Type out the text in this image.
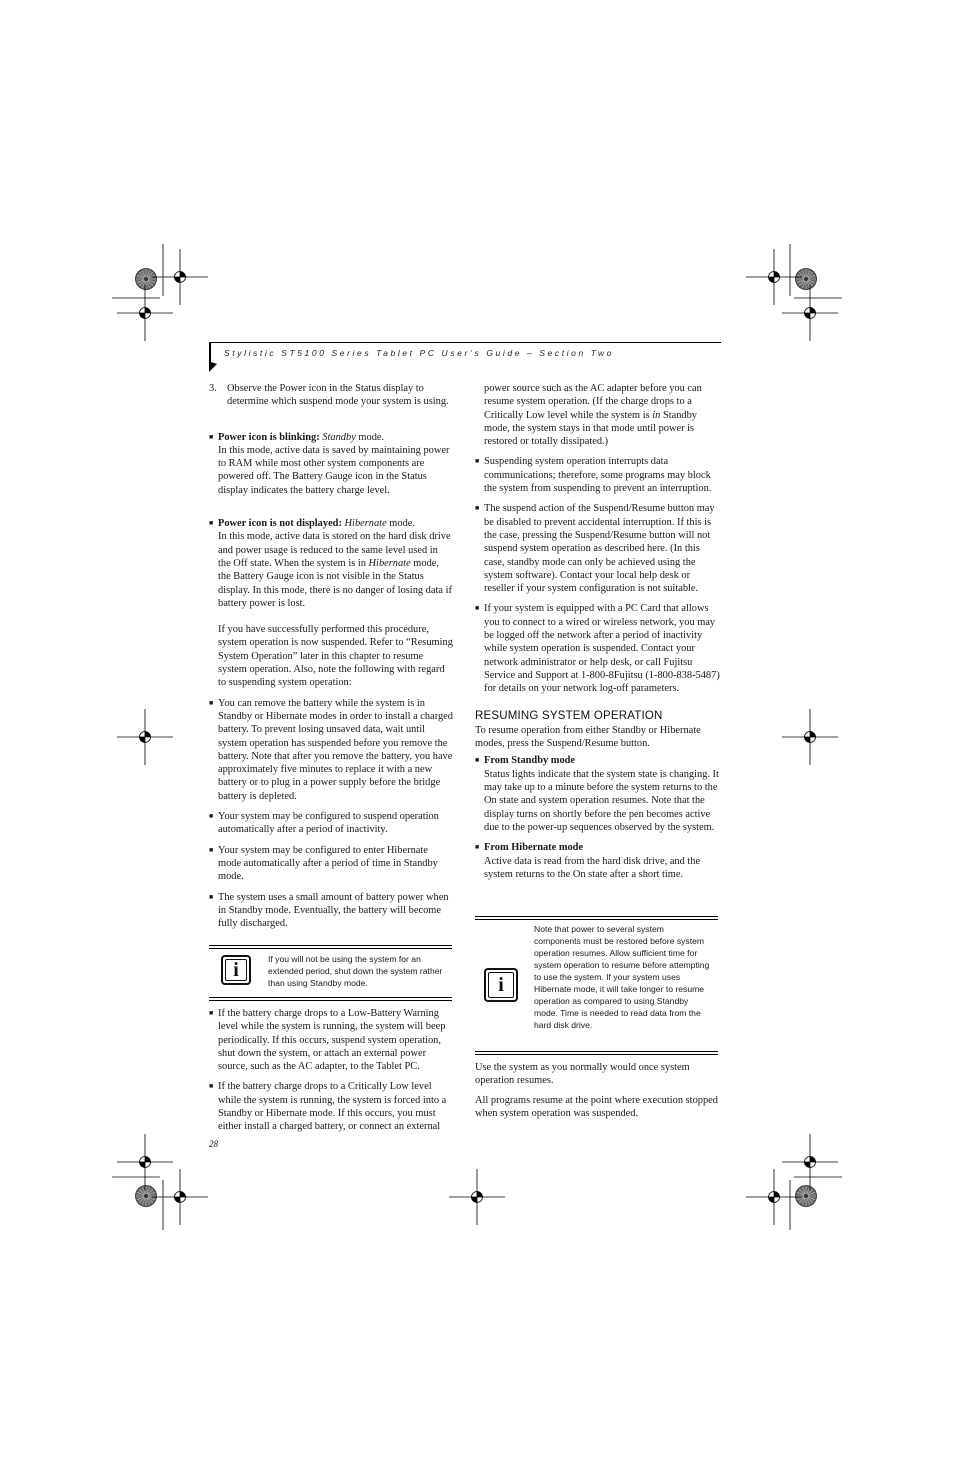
Stylistic ST5100 Series Tablet PC User’s Guide – Section Two

3. Observe the Power icon in the Status display to determine which suspend mode your system is using.

■ Power icon is blinking: Standby mode.

In this mode, active data is saved by maintaining power to RAM while most other system components are powered off. The Battery Gauge icon in the Status display indicates the battery charge level.

■ Power icon is not displayed: Hibernate mode.

In this mode, active data is stored on the hard disk drive and power usage is reduced to the same level used in the Off state. When the system is in Hibernate mode, the Battery Gauge icon is not visible in the Status display. In this mode, there is no danger of losing data if battery power is lost.

If you have successfully performed this procedure, system operation is now suspended. Refer to “Resuming System Operation” later in this chapter to resume system operation. Also, note the following with regard to suspending system operation:

■ You can remove the battery while the system is in Standby or Hibernate modes in order to install a charged battery. To prevent losing unsaved data, wait until system operation has suspended before you remove the battery. Note that after you remove the battery, you have approximately five minutes to replace it with a new battery or to plug in a power supply before the bridge battery is depleted.

■ Your system may be configured to suspend operation automatically after a period of inactivity.

■ Your system may be configured to enter Hibernate mode automatically after a period of time in Standby mode.

■ The system uses a small amount of battery power when in Standby mode. Eventually, the battery will become fully discharged.

i	If you will not be using the system for an extended period, shut down the system rather than using Standby mode.
■ If the battery charge drops to a Low-Battery Warning level while the system is running, the system will beep periodically. If this occurs, suspend system operation, shut down the system, or attach an external power source, such as the AC adapter, to the Tablet PC.

■ If the battery charge drops to a Critically Low level while the system is running, the system is forced into a Standby or Hibernate mode. If this occurs, you must either install a charged battery, or connect an external

28

power source such as the AC adapter before you can resume system operation. (If the charge drops to a Critically Low level while the system is in Standby mode, the system stays in that mode until power is restored or totally dissipated.)

■ Suspending system operation interrupts data communications; therefore, some programs may block the system from suspending to prevent an interruption.

■ The suspend action of the Suspend/Resume button may be disabled to prevent accidental interruption. If this is the case, pressing the Suspend/Resume button will not suspend system operation as described here. (In this case, standby mode can only be achieved using the system software). Contact your local help desk or reseller if your system configuration is not suitable.

■ If your system is equipped with a PC Card that allows you to connect to a wired or wireless network, you may be logged off the network after a period of inactivity while system operation is suspended. Contact your network administrator or help desk, or call Fujitsu Service and Support at 1-800-8Fujitsu (1-800-838-5487) for details on your network log-off parameters.

RESUMING SYSTEM OPERATION

To resume operation from either Standby or Hibernate modes, press the Suspend/Resume button.

■ From Standby mode

Status lights indicate that the system state is changing. It may take up to a minute before the system returns to the On state and system operation resumes. Note that the display turns on shortly before the pen becomes active due to the power-up sequences observed by the system.

■ From Hibernate mode

Active data is read from the hard disk drive, and the system returns to the On state after a short time.

i
Note that power to several system components must be restored before system operation resumes. Allow sufficient time for system operation to resume before attempting to use the system. If your system uses Hibernate mode, it will take longer to resume operation as compared to using Standby mode. Time is needed to read data from the hard disk drive.

Use the system as you normally would once system operation resumes.

All programs resume at the point where execution stopped when system operation was suspended.
